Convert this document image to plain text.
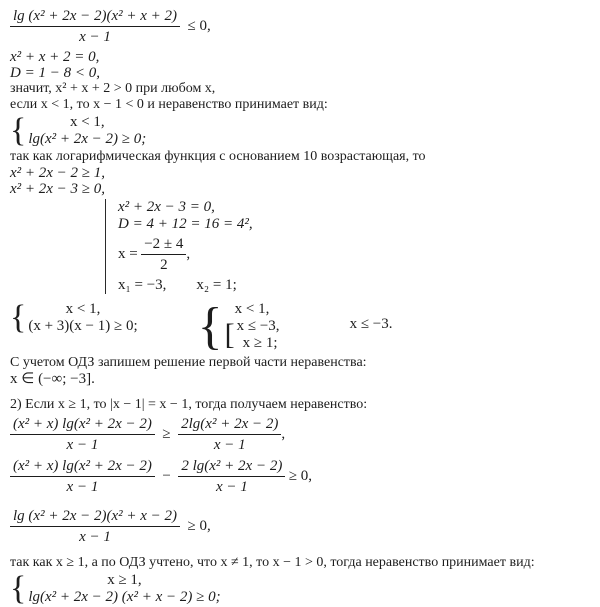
$\frac{\text{lg (x² + 2x − 2)(x² + x + 2)}}{x - 1} \le 0$,
x² + x + 2 = 0,
D = 1 − 8 < 0,
значит, x² + x + 2 > 0 при любом x,
если x < 1, то x − 1 < 0 и неравенство принимает вид:
{	x < 1,
lg(x² + 2x − 2) ≥ 0;
так как логарифмическая функция с основанием 10 возрастающая, то
x² + 2x − 2 ≥ 1,
x² + 2x − 3 ≥ 0,
x² + 2x − 3 = 0,
D = 4 + 12 = 16 = 4²,
$x = \frac{-2 \pm 4}{2}$ ,
x₁ = −3, x₂ = 1;
{	x < 1,
(x + 3)(x − 1) ≥ 0; { x < 1,
[ x ≤ −3,
x ≥ 1;
x ≤ −3.
С учетом ОДЗ запишем решение первой части неравенства:
x ∈ (−∞; −3].
2) Если x ≥ 1, то |x − 1| = x − 1, тогда получаем неравенство:
$\frac{\text{(x² + x) lg(x² + 2x − 2)}}{x - 1} \ge \frac{\text{2lg(x² + 2x − 2)}}{x - 1}$ ,
$\frac{\text{(x² + x) lg(x² + 2x − 2)}}{x - 1} - \frac{\text{2 lg(x² + 2x − 2)}}{x - 1} \ge 0$,
$\frac{\text{lg (x² + 2x − 2)(x² + x − 2)}}{x - 1} \ge 0$,
так как x ≥ 1, а по ОДЗ учтено, что x ≠ 1, то x − 1 > 0, тогда неравенство принимает вид:
{	x ≥ 1,
lg(x² + 2x − 2) (x² + x − 2) ≥ 0;
